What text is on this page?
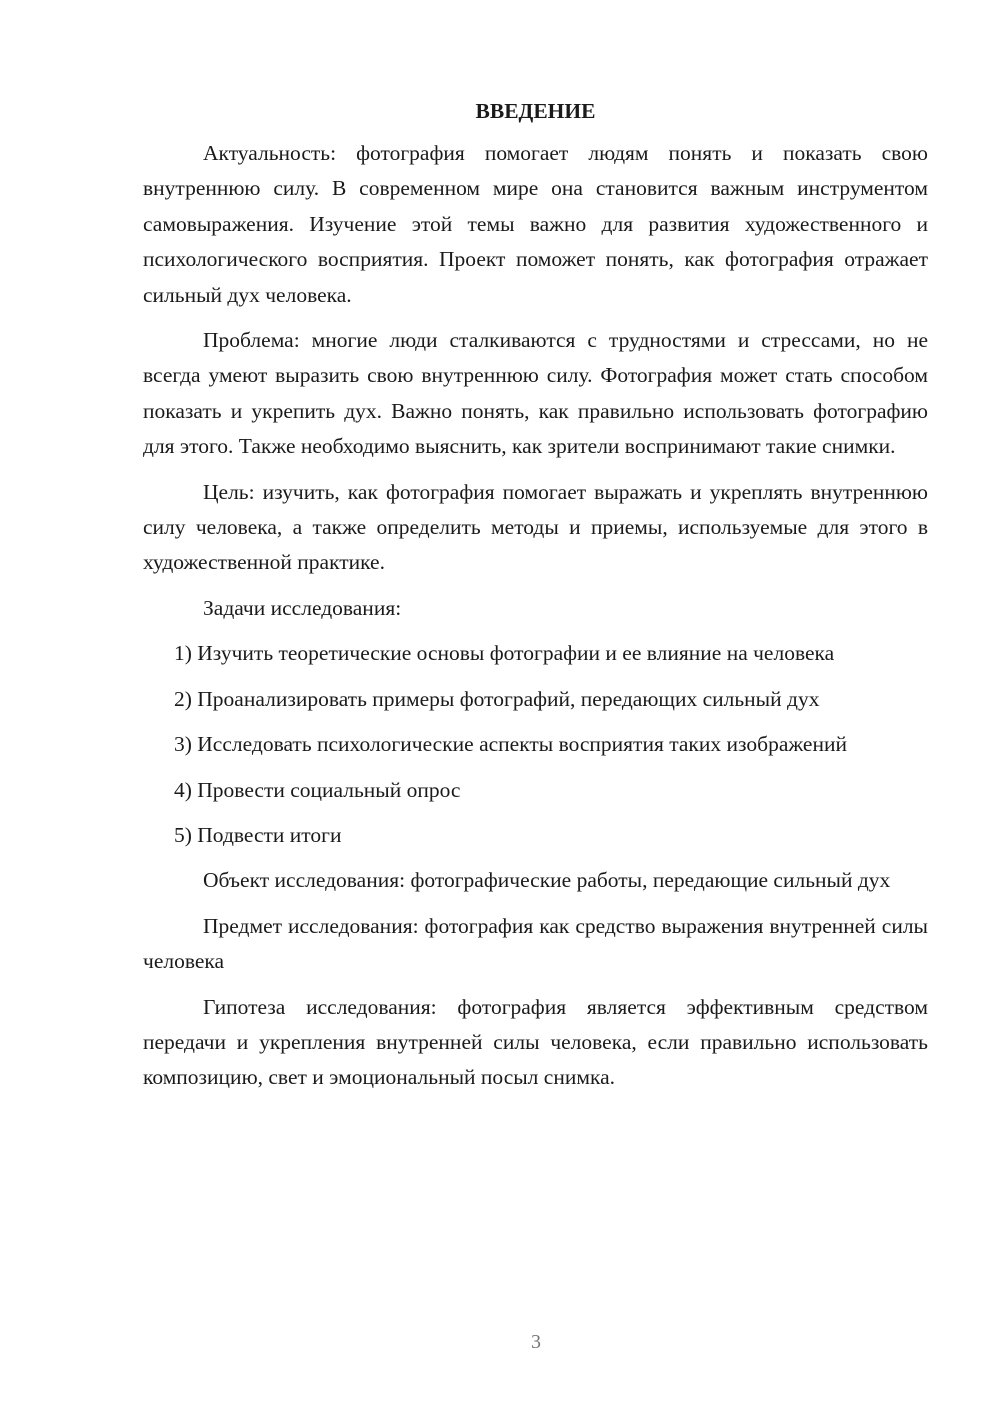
ВВЕДЕНИЕ

Актуальность: фотография помогает людям понять и показать свою внутреннюю силу. В современном мире она становится важным инструментом самовыражения. Изучение этой темы важно для развития художественного и психологического восприятия. Проект поможет понять, как фотография отражает сильный дух человека.

Проблема: многие люди сталкиваются с трудностями и стрессами, но не всегда умеют выразить свою внутреннюю силу. Фотография может стать способом показать и укрепить дух. Важно понять, как правильно использовать фотографию для этого. Также необходимо выяснить, как зрители воспринимают такие снимки.

Цель: изучить, как фотография помогает выражать и укреплять внутреннюю силу человека, а также определить методы и приемы, используемые для этого в художественной практике.

Задачи исследования:

1) Изучить теоретические основы фотографии и ее влияние на человека

2) Проанализировать примеры фотографий, передающих сильный дух

3) Исследовать психологические аспекты восприятия таких изображений

4) Провести социальный опрос

5) Подвести итоги

Объект исследования: фотографические работы, передающие сильный дух

Предмет исследования: фотография как средство выражения внутренней силы человека

Гипотеза исследования: фотография является эффективным средством передачи и укрепления внутренней силы человека, если правильно использовать композицию, свет и эмоциональный посыл снимка.

3
